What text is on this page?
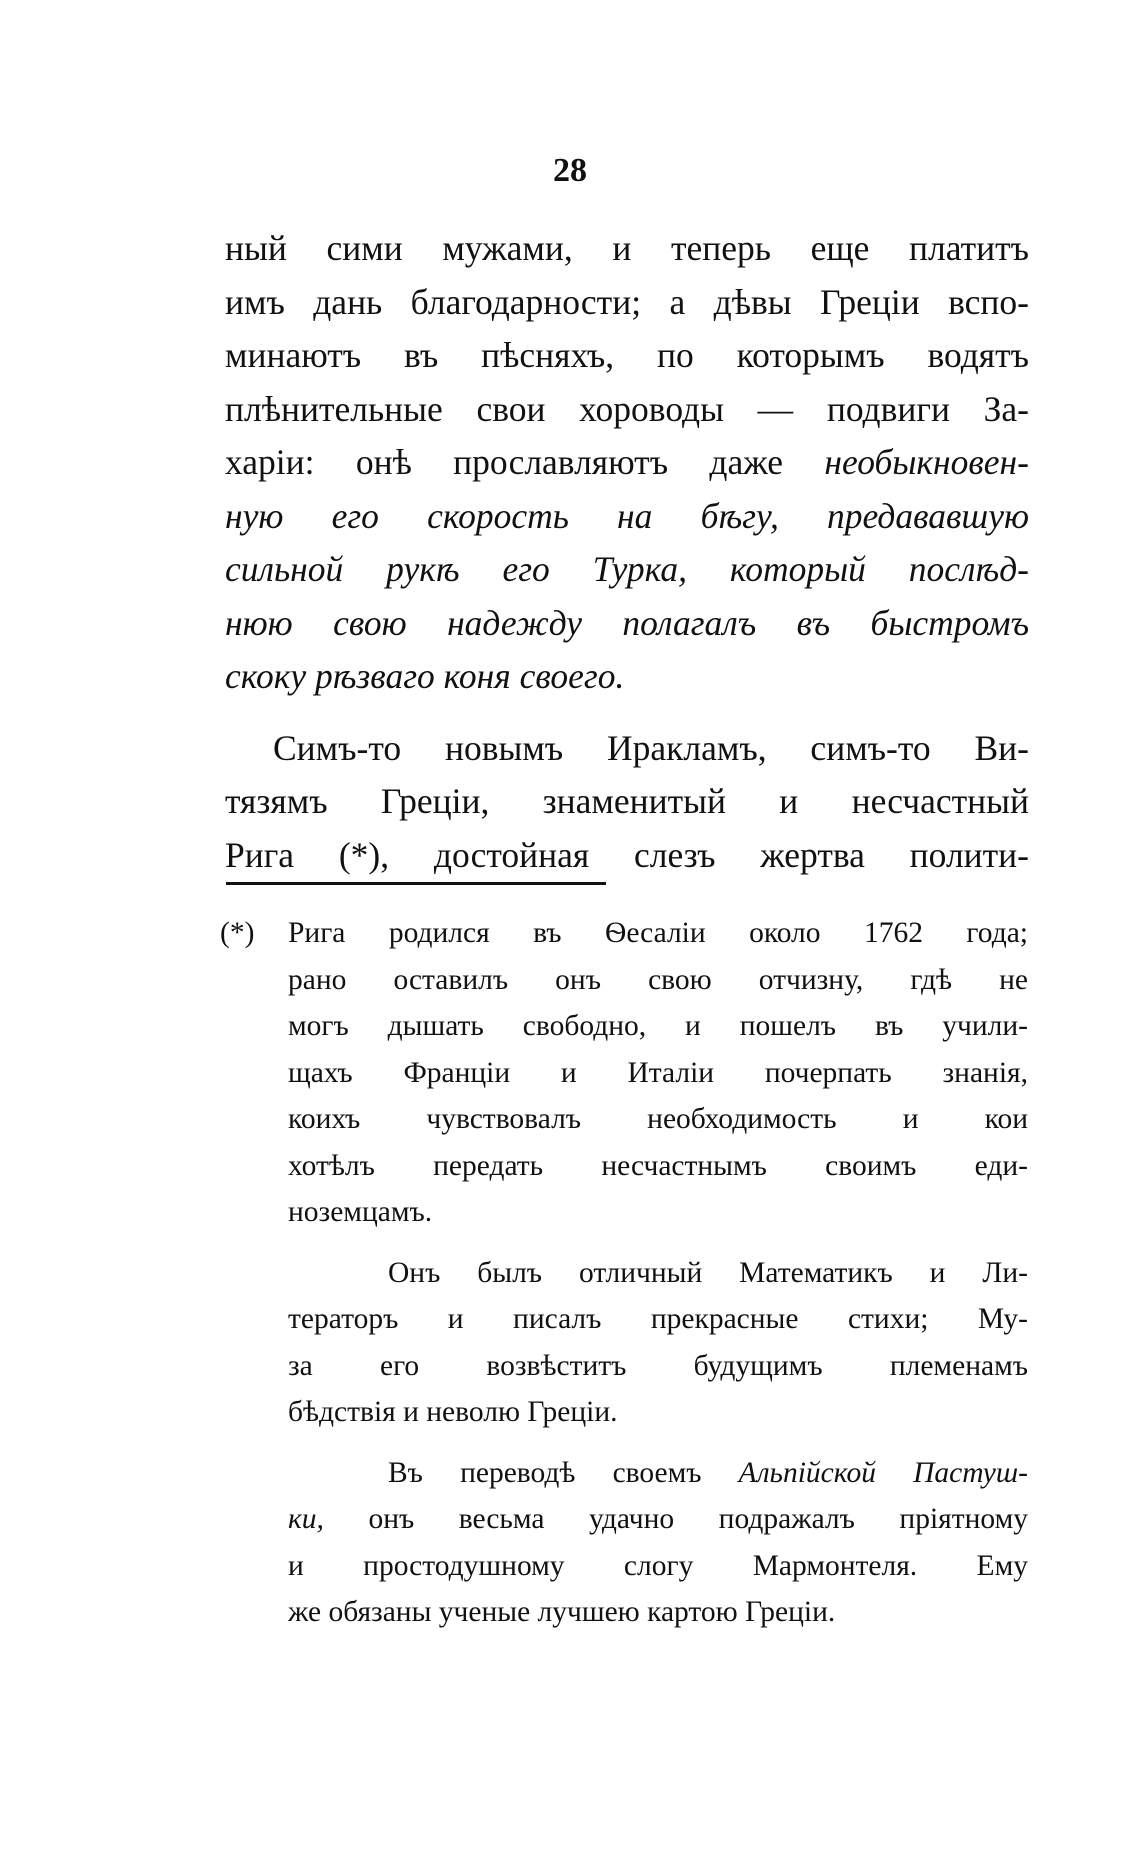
28
ный сими мужами, и теперь еще платитъ
имъ дань благодарности; а дѣвы Греціи вспо-
минаютъ въ пѣсняхъ, по которымъ водятъ
плѣнительные свои хороводы — подвиги За-
харіи: онѣ прославляютъ даже необыкновен-
ную его скорость на бѣгу, предававшую
сильной рукѣ его Турка, который послѣд-
нюю свою надежду полагалъ въ быстромъ
скоку рѣзваго коня своего.
Симъ-то новымъ Иракламъ, симъ-то Ви-
тязямъ Греціи, знаменитый и несчастный
Рига (*), достойная слезъ жертва полити-
(*)	Рига родился въ Ѳесаліи около 1762 года;
рано оставилъ онъ свою отчизну, гдѣ не
могъ дышать свободно, и пошелъ въ учили-
щахъ Франціи и Италіи почерпать знанія,
коихъ чувствовалъ необходимость и кои
хотѣлъ передать несчастнымъ своимъ еди-
ноземцамъ.
Онъ былъ отличный Математикъ и Ли-
тераторъ и писалъ прекрасные стихи; Му-
за его возвѣститъ будущимъ племенамъ
бѣдствія и неволю Греціи.
Въ переводѣ своемъ Альпійской Пастуш-
ки, онъ весьма удачно подражалъ пріятному
и простодушному слогу Мармонтеля. Ему
же обязаны ученые лучшею картою Греціи.
